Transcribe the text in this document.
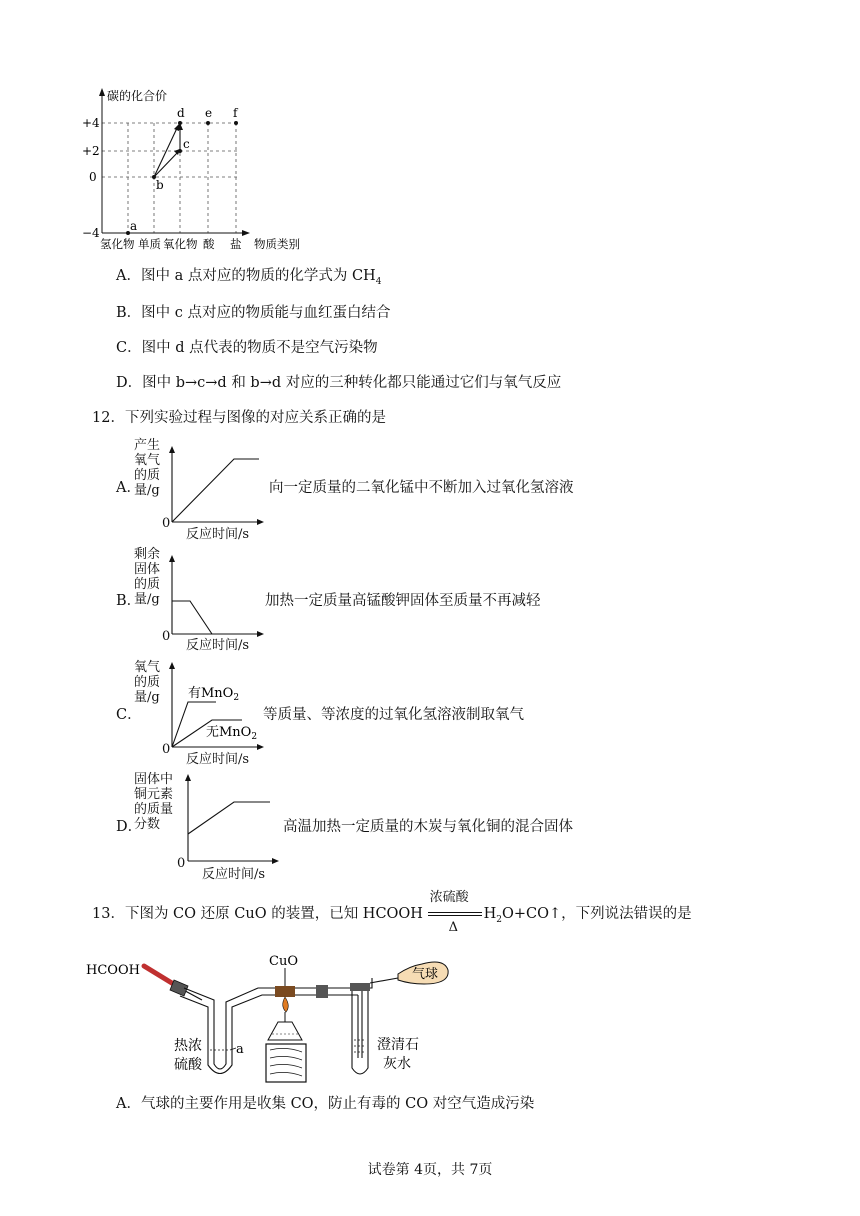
碳的化合价
+4
+2
0
−4	a
b
c
d e f
氢化物 单质 氧化物 酸 盐 物质类别
A．图中 a 点对应的物质的化学式为 $CH_4$
B．图中 c 点对应的物质能与血红蛋白结合
C．图中 d 点代表的物质不是空气污染物
D．图中 b→c→d 和 b→d 对应的三种转化都只能通过它们与氧气反应
12．下列实验过程与图像的对应关系正确的是
A．
产生
氧气
的质
量/g
0
反应时间/s
向一定质量的二氧化锰中不断加入过氧化氢溶液
B．
剩余
固体
的质
量/g
0
反应时间/s
加热一定质量高锰酸钾固体至质量不再减轻
C．
氧气
的质
量/g
0
反应时间/s
有MnO$_2$
无MnO$_2$
等质量、等浓度的过氧化氢溶液制取氧气
D．
固体中
铜元素
的质量
分数
0
反应时间/s
高温加热一定质量的木炭与氧化铜的混合固体
13．下图为 CO 还原 CuO 的装置，已知 HCOOH
浓硫酸
Δ
$H_2O+CO↑$，下列说法错误的是
HCOOH
CuO
热浓
硫酸
a	澄清石
灰水
气球
A．气球的主要作用是收集 CO，防止有毒的 CO 对空气造成污染
试卷第 4页，共 7页
